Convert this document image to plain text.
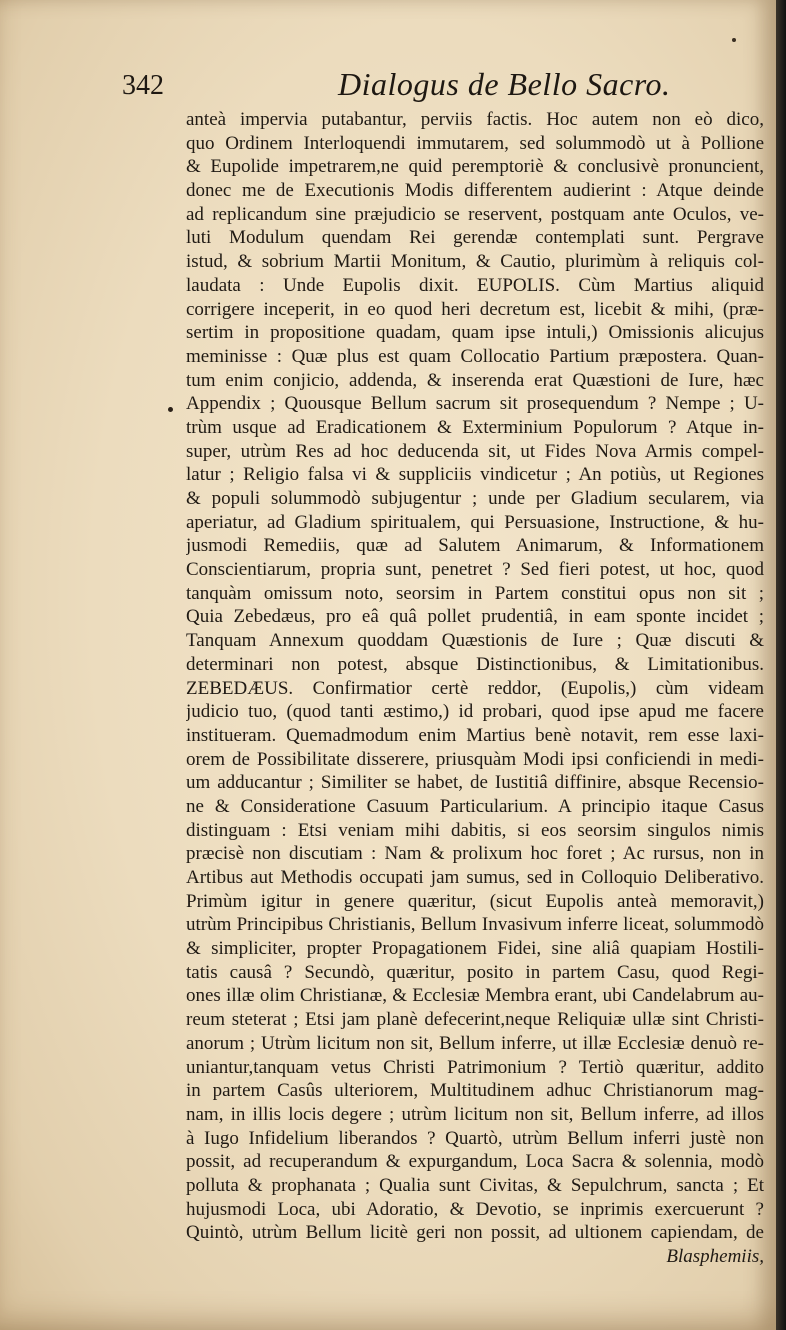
342	Dialogus de Bello Sacro.
anteà impervia putabantur, perviis factis. Hoc autem non eò dico,
quo Ordinem Interloquendi immutarem, sed solummodò ut à Pollione
& Eupolide impetrarem,ne quid peremptoriè & conclusivè pronuncient,
donec me de Executionis Modis differentem audierint : Atque deinde
ad replicandum sine præjudicio se reservent, postquam ante Oculos, ve-
luti Modulum quendam Rei gerendæ contemplati sunt. Pergrave
istud, & sobrium Martii Monitum, & Cautio, plurimùm à reliquis col-
laudata : Unde Eupolis dixit. EUPOLIS. Cùm Martius aliquid
corrigere inceperit, in eo quod heri decretum est, licebit & mihi, (præ-
sertim in propositione quadam, quam ipse intuli,) Omissionis alicujus
meminisse : Quæ plus est quam Collocatio Partium præpostera. Quan-
tum enim conjicio, addenda, & inserenda erat Quæstioni de Iure, hæc
Appendix ; Quousque Bellum sacrum sit prosequendum ? Nempe ; U-
trùm usque ad Eradicationem & Exterminium Populorum ? Atque in-
super, utrùm Res ad hoc deducenda sit, ut Fides Nova Armis compel-
latur ; Religio falsa vi & suppliciis vindicetur ; An potiùs, ut Regiones
& populi solummodò subjugentur ; unde per Gladium secularem, via
aperiatur, ad Gladium spiritualem, qui Persuasione, Instructione, & hu-
jusmodi Remediis, quæ ad Salutem Animarum, & Informationem
Conscientiarum, propria sunt, penetret ? Sed fieri potest, ut hoc, quod
tanquàm omissum noto, seorsim in Partem constitui opus non sit ;
Quia Zebedæus, pro eâ quâ pollet prudentiâ, in eam sponte incidet ;
Tanquam Annexum quoddam Quæstionis de Iure ; Quæ discuti &
determinari non potest, absque Distinctionibus, & Limitationibus.
ZEBEDÆUS. Confirmatior certè reddor, (Eupolis,) cùm videam
judicio tuo, (quod tanti æstimo,) id probari, quod ipse apud me facere
institueram. Quemadmodum enim Martius benè notavit, rem esse laxi-
orem de Possibilitate disserere, priusquàm Modi ipsi conficiendi in medi-
um adducantur ; Similiter se habet, de Iustitiâ diffinire, absque Recensio-
ne & Consideratione Casuum Particularium. A principio itaque Casus
distinguam : Etsi veniam mihi dabitis, si eos seorsim singulos nimis
præcisè non discutiam : Nam & prolixum hoc foret ; Ac rursus, non in
Artibus aut Methodis occupati jam sumus, sed in Colloquio Deliberativo.
Primùm igitur in genere quæritur, (sicut Eupolis anteà memoravit,)
utrùm Principibus Christianis, Bellum Invasivum inferre liceat, solummodò
& simpliciter, propter Propagationem Fidei, sine aliâ quapiam Hostili-
tatis causâ ? Secundò, quæritur, posito in partem Casu, quod Regi-
ones illæ olim Christianæ, & Ecclesiæ Membra erant, ubi Candelabrum au-
reum steterat ; Etsi jam planè defecerint,neque Reliquiæ ullæ sint Christi-
anorum ; Utrùm licitum non sit, Bellum inferre, ut illæ Ecclesiæ denuò re-
uniantur,tanquam vetus Christi Patrimonium ? Tertiò quæritur, addito
in partem Casûs ulteriorem, Multitudinem adhuc Christianorum mag-
nam, in illis locis degere ; utrùm licitum non sit, Bellum inferre, ad illos
à Iugo Infidelium liberandos ? Quartò, utrùm Bellum inferri justè non
possit, ad recuperandum & expurgandum, Loca Sacra & solennia, modò
polluta & prophanata ; Qualia sunt Civitas, & Sepulchrum, sancta ; Et
hujusmodi Loca, ubi Adoratio, & Devotio, se inprimis exercuerunt ?
Quintò, utrùm Bellum licitè geri non possit, ad ultionem capiendam, de
Blasphemiis,
